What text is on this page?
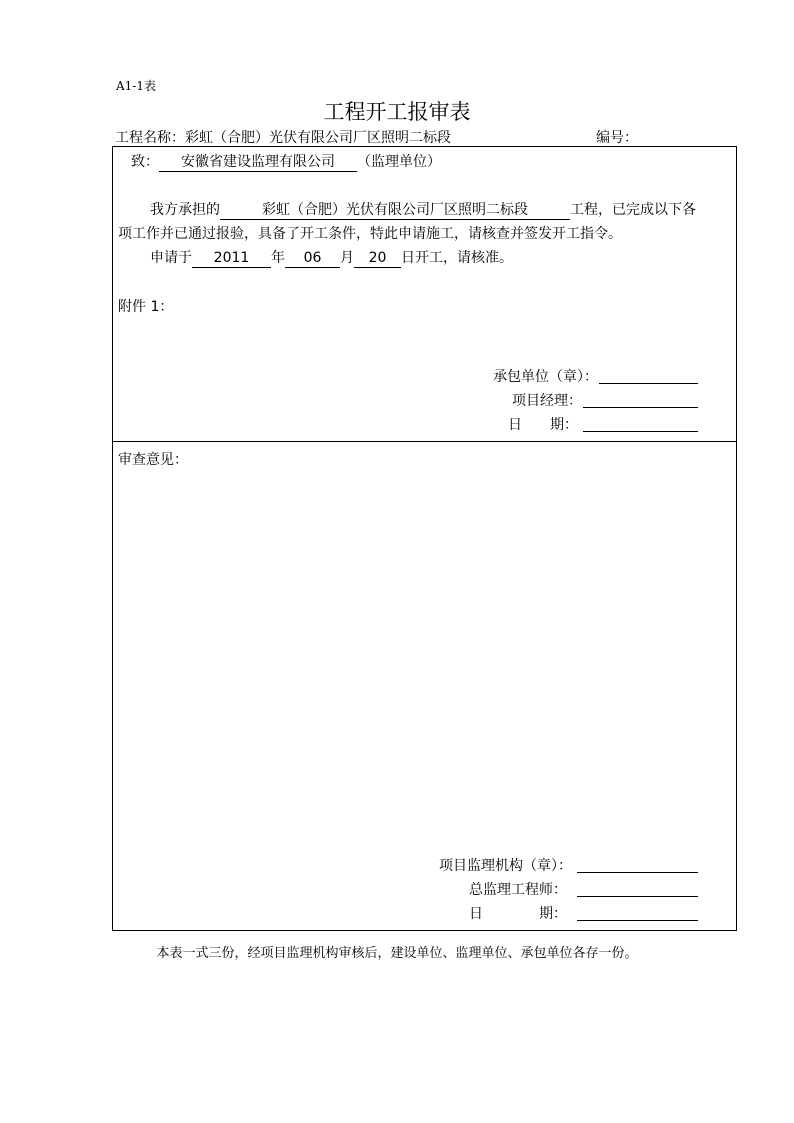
A1-1表
工程开工报审表
工程名称：彩虹（合肥）光伏有限公司厂区照明二标段	编号：
致： 安徽省建设监理有限公司 （监理单位）
我方承担的	彩虹（合肥）光伏有限公司厂区照明二标段	工程，已完成以下各
项工作并已通过报验，具备了开工条件，特此申请施工，请核查并签发开工指令。
申请于 2011 年 06 月 20 日开工，请核准。
附件 1：
承包单位（章）：
项目经理：
日　　期：
审查意见：
项目监理机构（章）：
总监理工程师：
日　　　　期：
本表一式三份，经项目监理机构审核后，建设单位、监理单位、承包单位各存一份。
